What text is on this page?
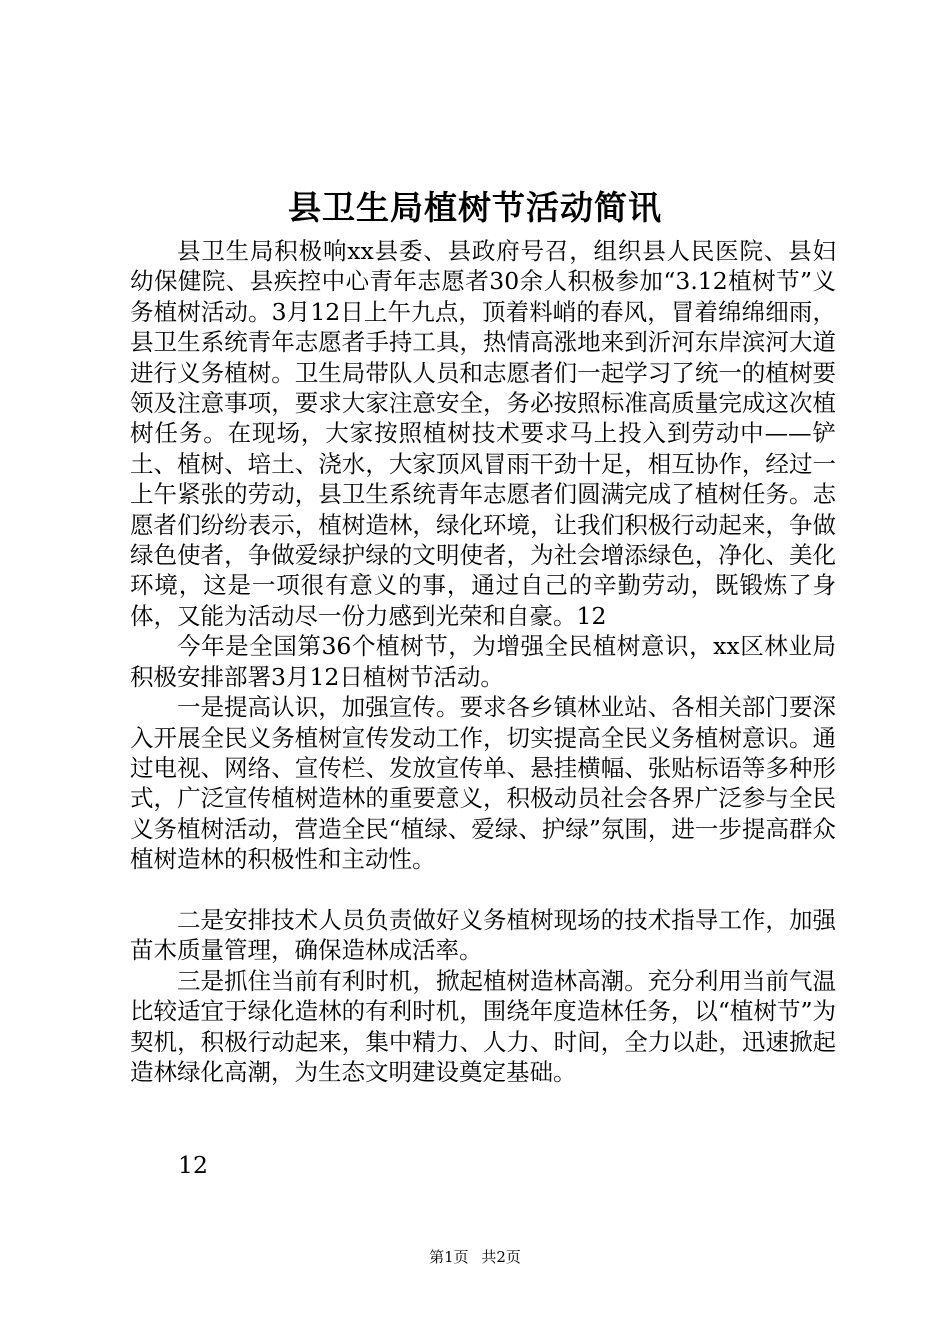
县卫生局植树节活动简讯

县卫生局积极响xx县委、县政府号召，组织县人民医院、县妇幼保健院、县疾控中心青年志愿者30余人积极参加“3.12植树节”义务植树活动。3月12日上午九点，顶着料峭的春风，冒着绵绵细雨，县卫生系统青年志愿者手持工具，热情高涨地来到沂河东岸滨河大道进行义务植树。卫生局带队人员和志愿者们一起学习了统一的植树要领及注意事项，要求大家注意安全，务必按照标准高质量完成这次植树任务。在现场，大家按照植树技术要求马上投入到劳动中——铲土、植树、培土、浇水，大家顶风冒雨干劲十足，相互协作，经过一上午紧张的劳动，县卫生系统青年志愿者们圆满完成了植树任务。志愿者们纷纷表示，植树造林，绿化环境，让我们积极行动起来，争做绿色使者，争做爱绿护绿的文明使者，为社会增添绿色，净化、美化环境，这是一项很有意义的事，通过自己的辛勤劳动，既锻炼了身体，又能为活动尽一份力感到光荣和自豪。12

今年是全国第36个植树节，为增强全民植树意识，xx区林业局积极安排部署3月12日植树节活动。

一是提高认识，加强宣传。要求各乡镇林业站、各相关部门要深入开展全民义务植树宣传发动工作，切实提高全民义务植树意识。通过电视、网络、宣传栏、发放宣传单、悬挂横幅、张贴标语等多种形式，广泛宣传植树造林的重要意义，积极动员社会各界广泛参与全民义务植树活动，营造全民“植绿、爱绿、护绿”氛围，进一步提高群众植树造林的积极性和主动性。

二是安排技术人员负责做好义务植树现场的技术指导工作，加强苗木质量管理，确保造林成活率。

三是抓住当前有利时机，掀起植树造林高潮。充分利用当前气温比较适宜于绿化造林的有利时机，围绕年度造林任务，以“植树节”为契机，积极行动起来，集中精力、人力、时间，全力以赴，迅速掀起造林绿化高潮，为生态文明建设奠定基础。

12
第1页 共2页
